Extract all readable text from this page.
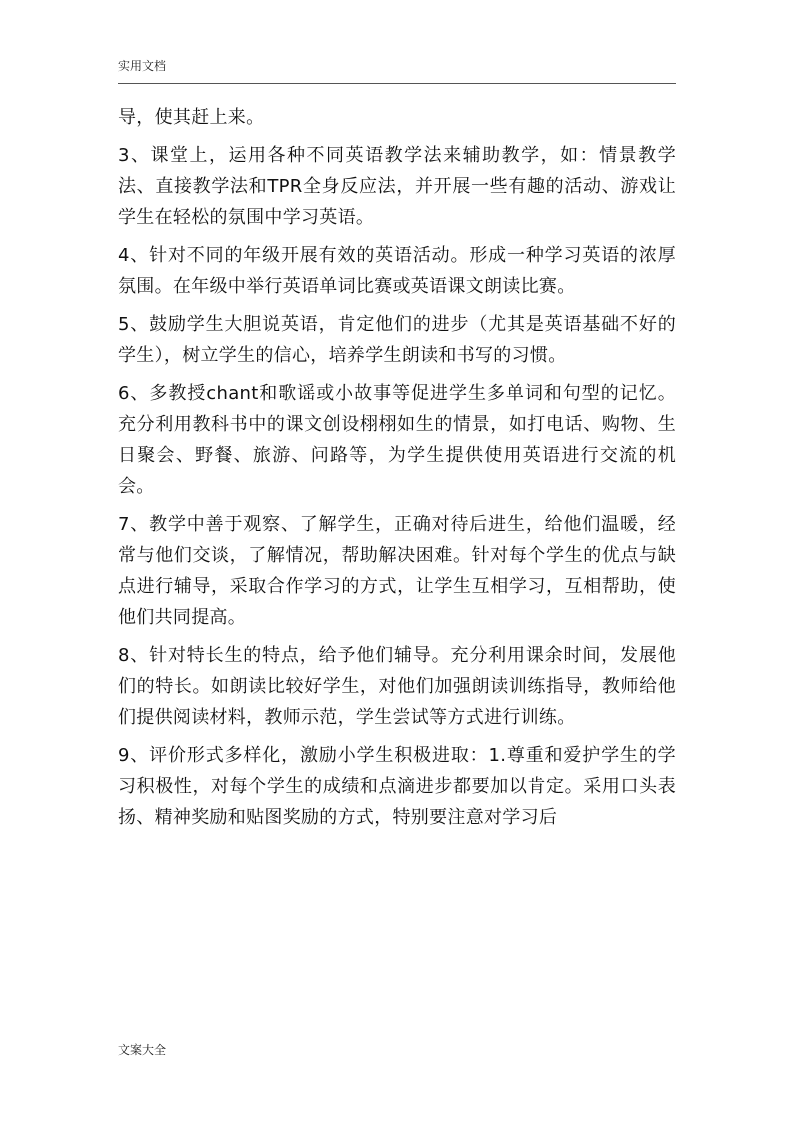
实用文档

导，使其赶上来。

3、课堂上，运用各种不同英语教学法来辅助教学，如：情景教学法、直接教学法和TPR全身反应法，并开展一些有趣的活动、游戏让学生在轻松的氛围中学习英语。

4、针对不同的年级开展有效的英语活动。形成一种学习英语的浓厚氛围。在年级中举行英语单词比赛或英语课文朗读比赛。

5、鼓励学生大胆说英语，肯定他们的进步（尤其是英语基础不好的学生），树立学生的信心，培养学生朗读和书写的习惯。

6、多教授chant和歌谣或小故事等促进学生多单词和句型的记忆。充分利用教科书中的课文创设栩栩如生的情景，如打电话、购物、生日聚会、野餐、旅游、问路等，为学生提供使用英语进行交流的机会。

7、教学中善于观察、了解学生，正确对待后进生，给他们温暖，经常与他们交谈，了解情况，帮助解决困难。针对每个学生的优点与缺点进行辅导，采取合作学习的方式，让学生互相学习，互相帮助，使他们共同提高。

8、针对特长生的特点，给予他们辅导。充分利用课余时间，发展他们的特长。如朗读比较好学生，对他们加强朗读训练指导，教师给他们提供阅读材料，教师示范，学生尝试等方式进行训练。

9、评价形式多样化，激励小学生积极进取：1.尊重和爱护学生的学习积极性，对每个学生的成绩和点滴进步都要加以肯定。采用口头表扬、精神奖励和贴图奖励的方式，特别要注意对学习后

文案大全
